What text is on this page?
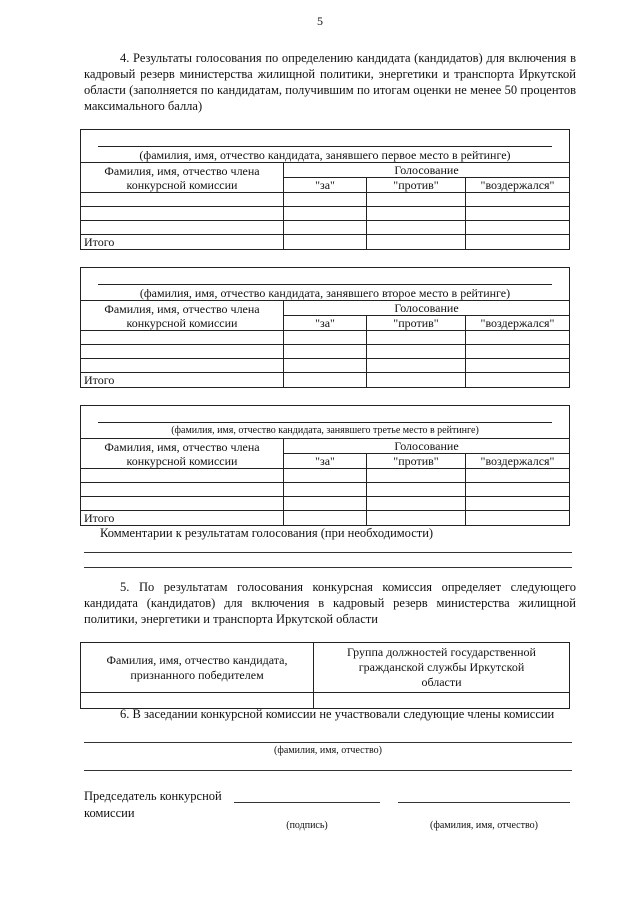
5
4. Результаты голосования по определению кандидата (кандидатов) для включения в кадровый резерв министерства жилищной политики, энергетики и транспорта Иркутской области (заполняется по кандидатам, получившим по итогам оценки не менее 50 процентов максимального балла)
(фамилия, имя, отчество кандидата, занявшего первое место в рейтинге)			
Фамилия, имя, отчество члена конкурсной комиссии	Голосование		
	"за"	"против"	"воздержался"

Итого			
(фамилия, имя, отчество кандидата, занявшего второе место в рейтинге)			
Фамилия, имя, отчество члена конкурсной комиссии	Голосование		
	"за"	"против"	"воздержался"

Итого			
(фамилия, имя, отчество кандидата, занявшего третье место в рейтинге)			
Фамилия, имя, отчество члена конкурсной комиссии	Голосование		
	"за"	"против"	"воздержался"

Итого			
Комментарии к результатам голосования (при необходимости)
5. По результатам голосования конкурсная комиссия определяет следующего кандидата (кандидатов) для включения в кадровый резерв министерства жилищной политики, энергетики и транспорта Иркутской области
Фамилия, имя, отчество кандидата, признанного победителем	Группа должностей государственной гражданской службы Иркутской области

6. В заседании конкурсной комиссии не участвовали следующие члены комиссии
(фамилия, имя, отчество)
Председатель конкурсной комиссии
(подпись)	(фамилия, имя, отчество)
